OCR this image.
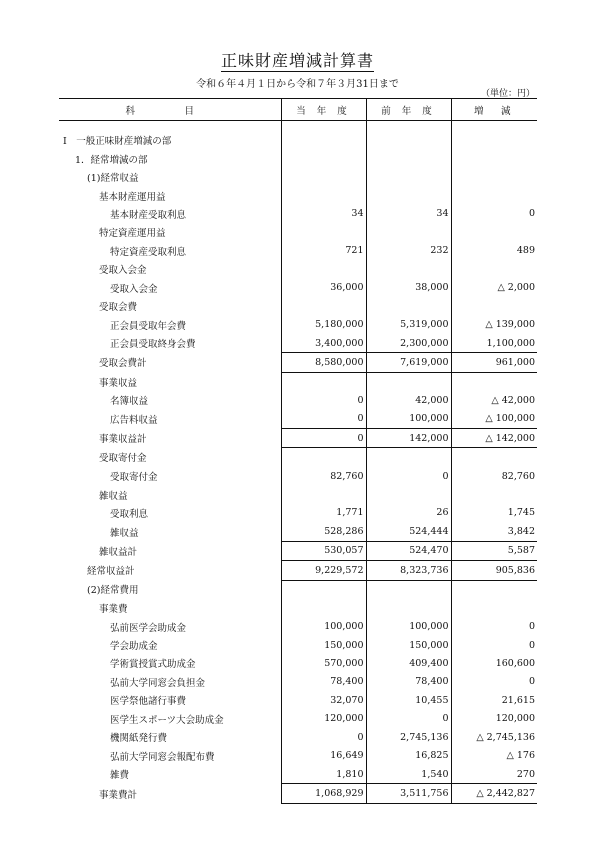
正味財産増減計算書
令和６年４月１日から令和７年３月31日まで
（単位：円）
科　目	当 年 度	前 年 度	増　減

I　一般正味財産増減の部			
1．経常増減の部			
(1)経常収益			
基本財産運用益			
基本財産受取利息	34	34	0
特定資産運用益			
特定資産受取利息	721	232	489
受取入会金			
受取入会金	36,000	38,000	△ 2,000
受取会費			
正会員受取年会費	5,180,000	5,319,000	△ 139,000
正会員受取終身会費	3,400,000	2,300,000	1,100,000
受取会費計	8,580,000	7,619,000	961,000
事業収益			
名簿収益	0	42,000	△ 42,000
広告料収益	0	100,000	△ 100,000
事業収益計	0	142,000	△ 142,000
受取寄付金			
受取寄付金	82,760	0	82,760
雑収益			
受取利息	1,771	26	1,745
雑収益	528,286	524,444	3,842
雑収益計	530,057	524,470	5,587
経常収益計	9,229,572	8,323,736	905,836
(2)経常費用			
事業費			
弘前医学会助成金	100,000	100,000	0
学会助成金	150,000	150,000	0
学術賞授賞式助成金	570,000	409,400	160,600
弘前大学同窓会負担金	78,400	78,400	0
医学祭他諸行事費	32,070	10,455	21,615
医学生スポーツ大会助成金	120,000	0	120,000
機関紙発行費	0	2,745,136	△ 2,745,136
弘前大学同窓会報配布費	16,649	16,825	△ 176
雑費	1,810	1,540	270
事業費計	1,068,929	3,511,756	△ 2,442,827
